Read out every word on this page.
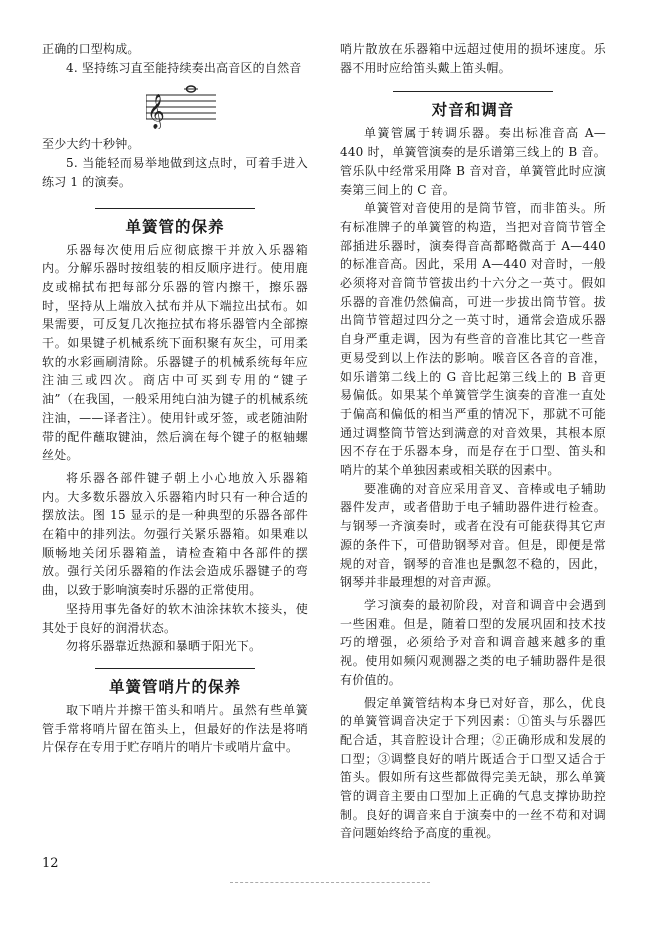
正确的口型构成。

4. 坚持练习直至能持续奏出高音区的自然音

𝄞

至少大约十秒钟。

5. 当能轻而易举地做到这点时，可着手进入练习 1 的演奏。

单簧管的保养

乐器每次使用后应彻底擦干并放入乐器箱内。分解乐器时按组装的相反顺序进行。使用鹿皮或棉拭布把每部分乐器的管内擦干，擦乐器时，坚持从上端放入拭布并从下端拉出拭布。如果需要，可反复几次拖拉拭布将乐器管内全部擦干。如果键子机械系统下面积聚有灰尘，可用柔软的水彩画刷清除。乐器键子的机械系统每年应注油三或四次。商店中可买到专用的“键子油”（在我国，一般采用纯白油为键子的机械系统注油，——译者注）。使用针或牙签，或老随油附带的配件蘸取键油，然后滴在每个键子的枢轴螺丝处。

将乐器各部件键子朝上小心地放入乐器箱内。大多数乐器放入乐器箱内时只有一种合适的摆放法。图 15 显示的是一种典型的乐器各部件在箱中的排列法。勿强行关紧乐器箱。如果难以顺畅地关闭乐器箱盖，请检查箱中各部件的摆放。强行关闭乐器箱的作法会造成乐器键子的弯曲，以致于影响演奏时乐器的正常使用。

坚持用事先备好的软木油涂抹软木接头，使其处于良好的润滑状态。

勿将乐器靠近热源和暴晒于阳光下。

单簧管哨片的保养

取下哨片并擦干笛头和哨片。虽然有些单簧管手常将哨片留在笛头上，但最好的作法是将哨片保存在专用于贮存哨片的哨片卡或哨片盒中。

哨片散放在乐器箱中远超过使用的损坏速度。乐器不用时应给笛头戴上笛头帽。

对音和调音

单簧管属于转调乐器。奏出标准音高 A—440 时，单簧管演奏的是乐谱第三线上的 B 音。管乐队中经常采用降 B 音对音，单簧管此时应演奏第三间上的 C 音。

单簧管对音使用的是筒节管，而非笛头。所有标准牌子的单簧管的构造，当把对音筒节管全部插进乐器时，演奏得音高都略微高于 A—440 的标准音高。因此，采用 A—440 对音时，一般必须将对音筒节管拔出约十六分之一英寸。假如乐器的音准仍然偏高，可进一步拔出筒节管。拔出筒节管超过四分之一英寸时，通常会造成乐器自身严重走调，因为有些音的音准比其它一些音更易受到以上作法的影响。喉音区各音的音准，如乐谱第二线上的 G 音比起第三线上的 B 音更易偏低。如果某个单簧管学生演奏的音准一直处于偏高和偏低的相当严重的情况下，那就不可能通过调整筒节管达到满意的对音效果，其根本原因不存在于乐器本身，而是存在于口型、笛头和哨片的某个单独因素或相关联的因素中。

要准确的对音应采用音叉、音棒或电子辅助器件发声，或者借助于电子辅助器件进行检查。与钢琴一齐演奏时，或者在没有可能获得其它声源的条件下，可借助钢琴对音。但是，即便是常规的对音，钢琴的音准也是飘忽不稳的，因此，钢琴并非最理想的对音声源。

学习演奏的最初阶段，对音和调音中会遇到一些困难。但是，随着口型的发展巩固和技术技巧的增强，必须给予对音和调音越来越多的重视。使用如频闪观测器之类的电子辅助器件是很有价值的。

假定单簧管结构本身已对好音，那么，优良的单簧管调音决定于下列因素：①笛头与乐器匹配合适，其音腔设计合理；②正确形成和发展的口型；③调整良好的哨片既适合于口型又适合于笛头。假如所有这些都做得完美无缺，那么单簧管的调音主要由口型加上正确的气息支撑协助控制。良好的调音来自于演奏中的一丝不苟和对调音问题始终给予高度的重视。

12
